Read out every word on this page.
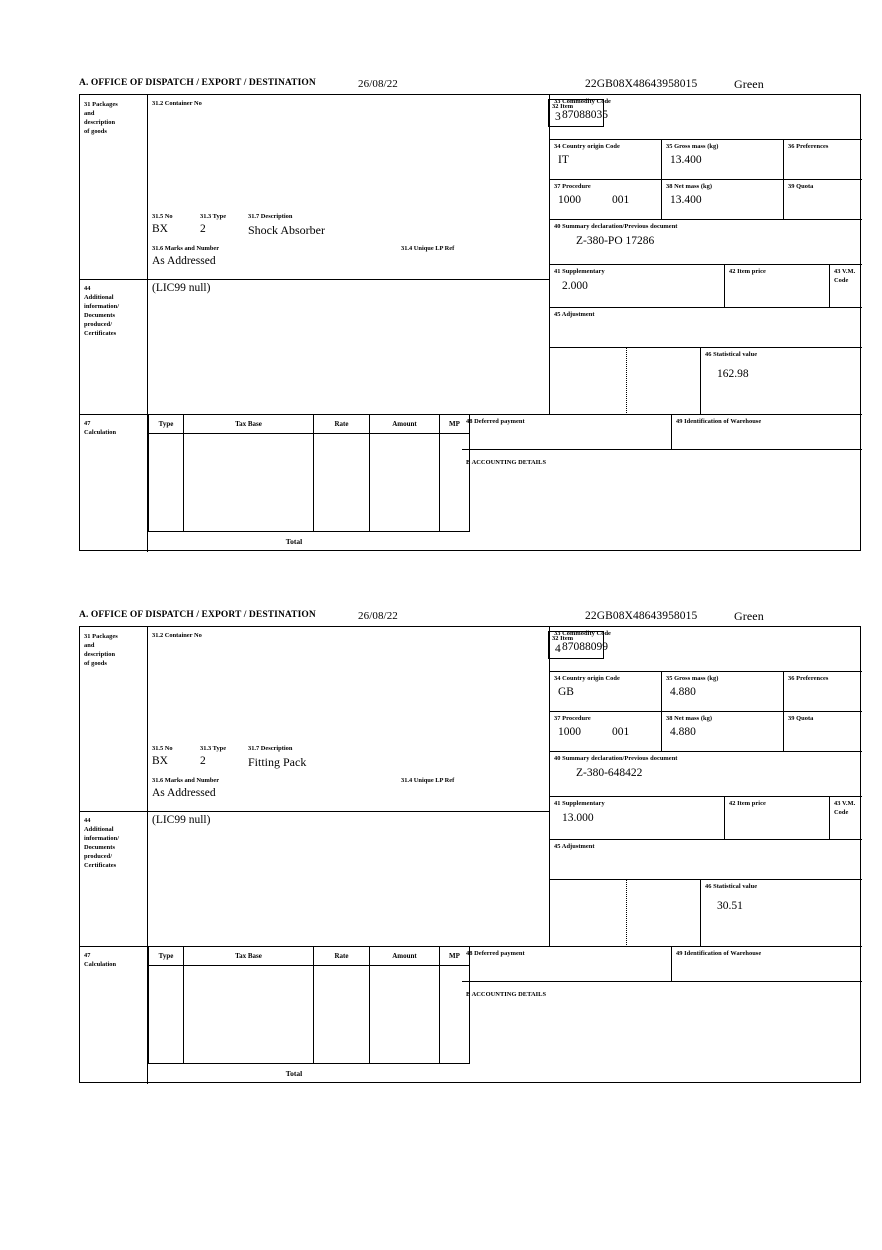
A. OFFICE OF DISPATCH / EXPORT / DESTINATION	26/08/22	22GB08X48643958015	Green
31 Packages
and
description
of goods
31.2 Container No
31.5 No	31.3 Type	31.7 Description
BX	2	Shock Absorber
31.6 Marks and Number	31.4 Unique LP Ref
As Addressed
32 Item
3
33 Commodity Code
87088035
34 Country origin Code
IT
35 Gross mass (kg)
13.400
36 Preferences
37 Procedure
1000	001
38 Net mass (kg)
13.400
39 Quota
40 Summary declaration/Previous document
Z-380-PO 17286
41 Supplementary
2.000
42 Item price	43 V.M. Code
45 Adjustment
46 Statistical value
162.98
44
Additional
information/
Documents
produced/
Certificates
(LIC99 null)
47
Calculation
Type	Tax Base	Rate	Amount	MP
Total
48 Deferred payment	49 Identification of Warehouse
B ACCOUNTING DETAILS
A. OFFICE OF DISPATCH / EXPORT / DESTINATION	26/08/22	22GB08X48643958015	Green
31 Packages
and
description
of goods
31.2 Container No
31.5 No	31.3 Type	31.7 Description
BX	2	Fitting Pack
31.6 Marks and Number	31.4 Unique LP Ref
As Addressed
32 Item
4
33 Commodity Code
87088099
34 Country origin Code
GB
35 Gross mass (kg)
4.880
36 Preferences
37 Procedure
1000	001
38 Net mass (kg)
4.880
39 Quota
40 Summary declaration/Previous document
Z-380-648422
41 Supplementary
13.000
42 Item price	43 V.M. Code
45 Adjustment
46 Statistical value
30.51
44
Additional
information/
Documents
produced/
Certificates
(LIC99 null)
47
Calculation
Type	Tax Base	Rate	Amount	MP
Total
48 Deferred payment	49 Identification of Warehouse
B ACCOUNTING DETAILS
